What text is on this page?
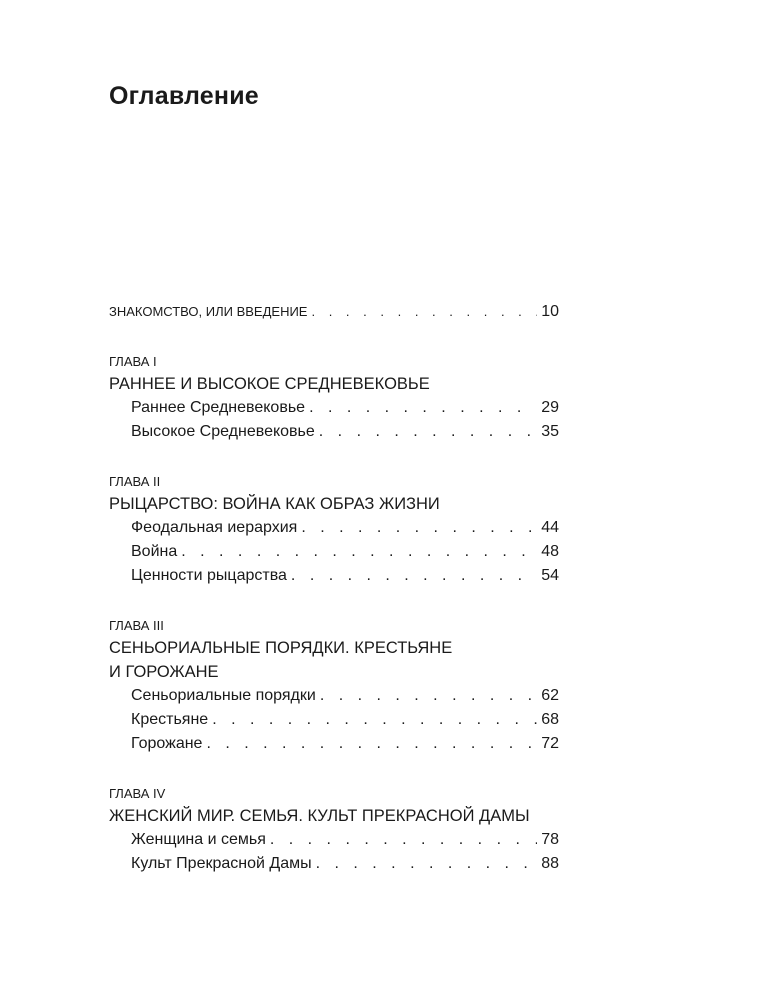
Оглавление
ЗНАКОМСТВО, ИЛИ ВВЕДЕНИЕ . . .	10
ГЛАВА I
РАННЕЕ И ВЫСОКОЕ СРЕДНЕВЕКОВЬЕ
Раннее Средневековье . . .	29
Высокое Средневековье . . .	35
ГЛАВА II
РЫЦАРСТВО: ВОЙНА КАК ОБРАЗ ЖИЗНИ
Феодальная иерархия . . .	44
Война . . .	48
Ценности рыцарства . . .	54
ГЛАВА III
СЕНЬОРИАЛЬНЫЕ ПОРЯДКИ. КРЕСТЬЯНЕ
И ГОРОЖАНЕ
Сеньориальные порядки . . .	62
Крестьяне . . .	68
Горожане . . .	72
ГЛАВА IV
ЖЕНСКИЙ МИР. СЕМЬЯ. КУЛЬТ ПРЕКРАСНОЙ ДАМЫ
Женщина и семья . . .	78
Культ Прекрасной Дамы . . .	88
